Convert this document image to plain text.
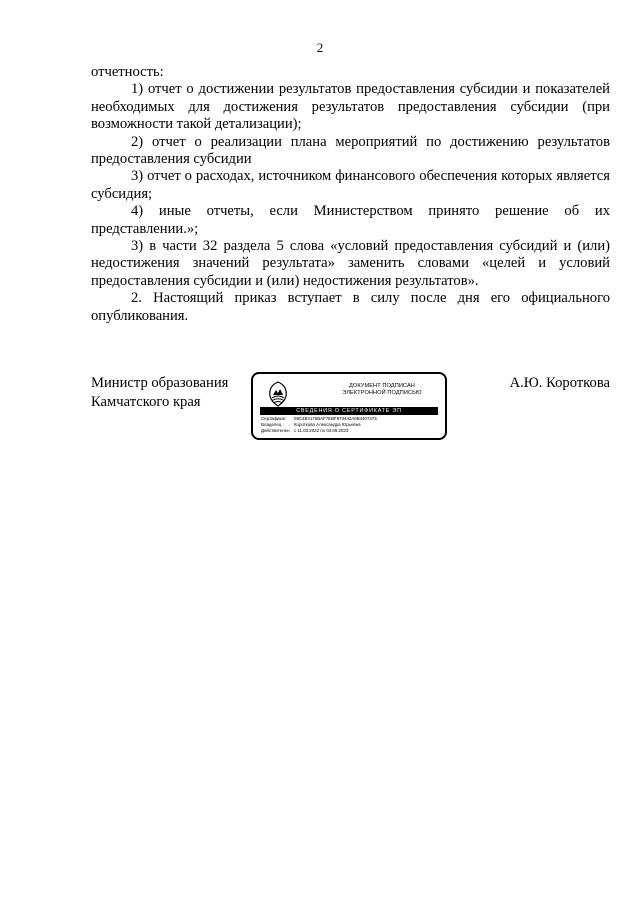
2

отчетность:

1) отчет о достижении результатов предоставления субсидии и показателей необходимых для достижения результатов предоставления субсидии (при возможности такой детализации);

2) отчет о реализации плана мероприятий по достижению результатов предоставления субсидии

3) отчет о расходах, источником финансового обеспечения которых является субсидия;

4) иные отчеты, если Министерством принято решение об их представлении.»;

3) в части 32 раздела 5 слова «условий предоставления субсидий и (или) недостижения значений результата» заменить словами «целей и условий предоставления субсидии и (или) недостижения результатов».

2. Настоящий приказ вступает в силу после дня его официального опубликования.

Министр образования
Камчатского края
ДОКУМЕНТ ПОДПИСАН
ЭЛЕКТРОННОЙ ПОДПИСЬЮ
СВЕДЕНИЯ О СЕРТИФИКАТЕ ЭП
Сертификат	08C4B4176BAF7EBF873442A0B4407475
Владелец	Короткова Александра Юрьевна
Действителен	с 11.03.2022 по 04.06.2023
А.Ю. Короткова
